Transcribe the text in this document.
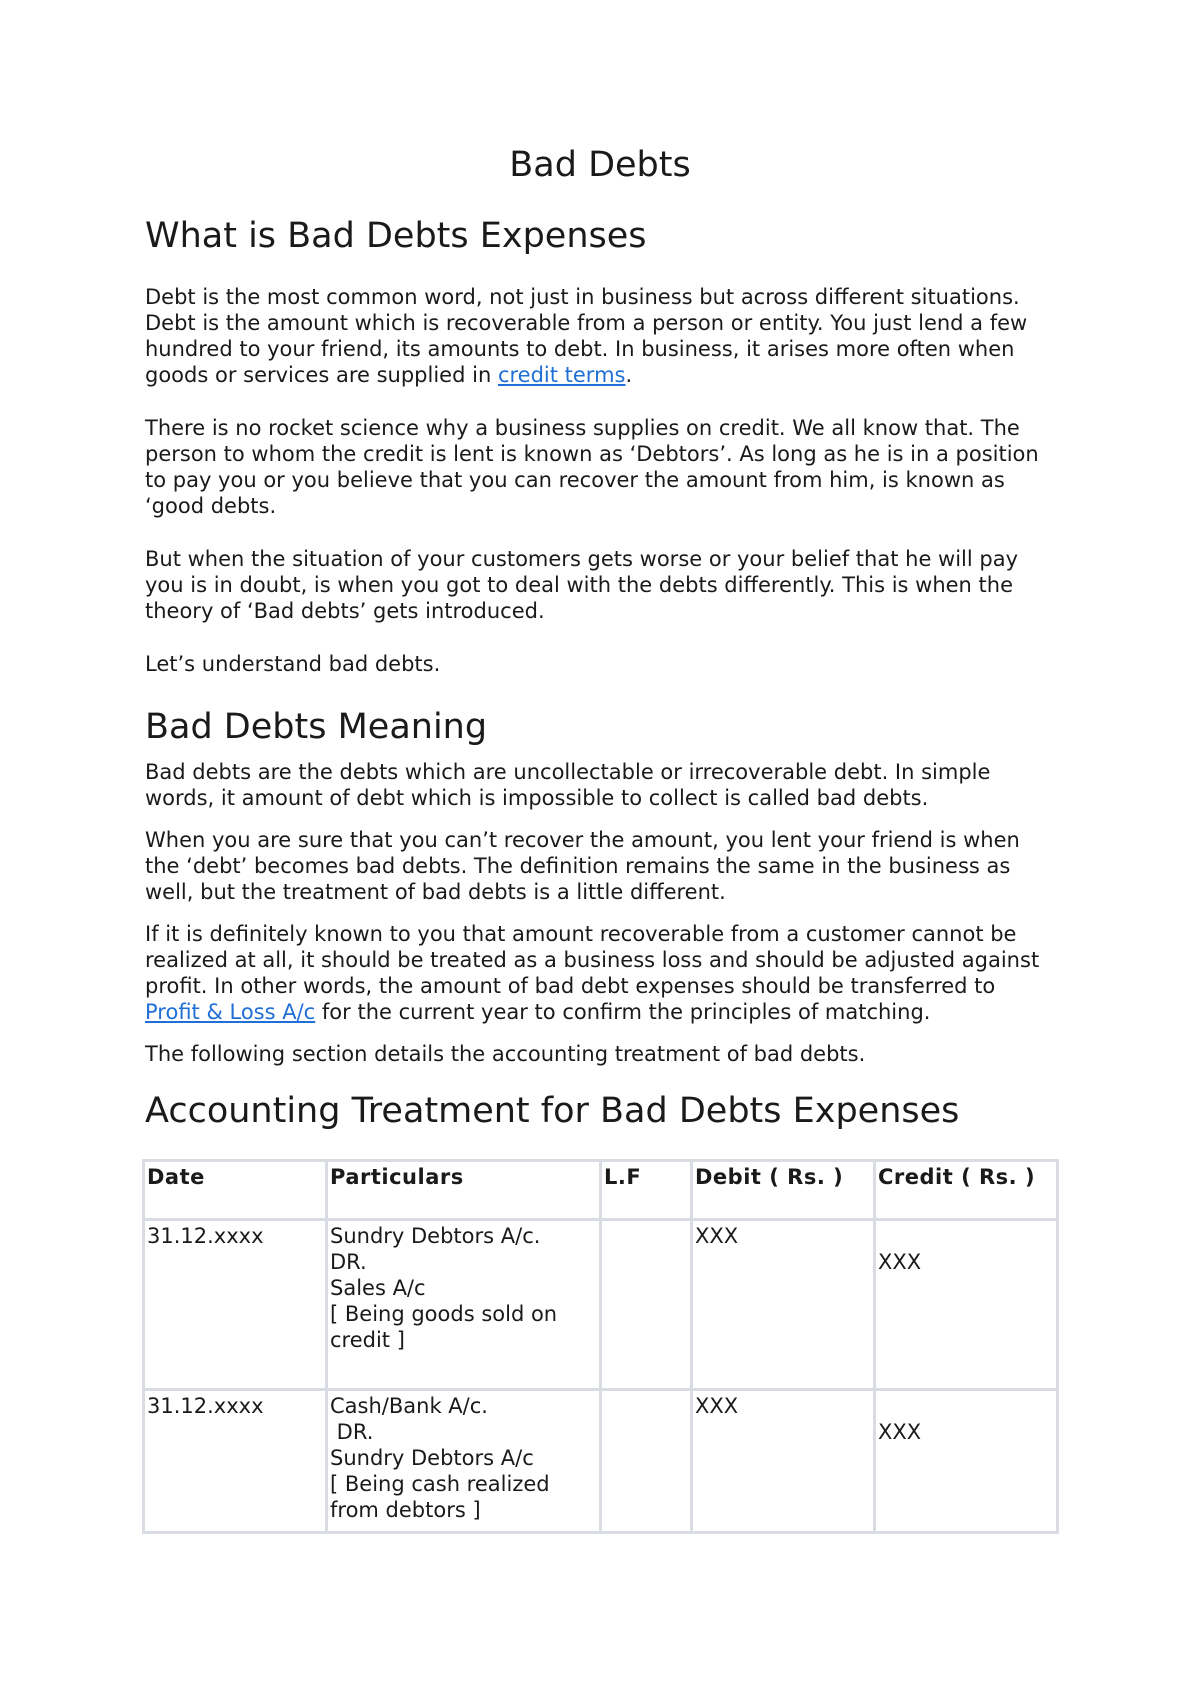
Bad Debts
What is Bad Debts Expenses

Debt is the most common word, not just in business but across different situations. Debt is the amount which is recoverable from a person or entity. You just lend a few hundred to your friend, its amounts to debt. In business, it arises more often when goods or services are supplied in credit terms.

There is no rocket science why a business supplies on credit. We all know that. The person to whom the credit is lent is known as ‘Debtors’. As long as he is in a position to pay you or you believe that you can recover the amount from him, is known as ‘good debts.

But when the situation of your customers gets worse or your belief that he will pay you is in doubt, is when you got to deal with the debts differently. This is when the theory of ‘Bad debts’ gets introduced.

Let’s understand bad debts.

Bad Debts Meaning

Bad debts are the debts which are uncollectable or irrecoverable debt. In simple words, it amount of debt which is impossible to collect is called bad debts.

When you are sure that you can’t recover the amount, you lent your friend is when the ‘debt’ becomes bad debts. The definition remains the same in the business as well, but the treatment of bad debts is a little different.

If it is definitely known to you that amount recoverable from a customer cannot be realized at all, it should be treated as a business loss and should be adjusted against profit. In other words, the amount of bad debt expenses should be transferred to Profit & Loss A/c for the current year to confirm the principles of matching.

The following section details the accounting treatment of bad debts.

Accounting Treatment for Bad Debts Expenses
Date	Particulars	L.F	Debit ( Rs. )	Credit ( Rs. )
31.12.xxxx	Sundry Debtors A/c.
DR.
Sales A/c
[ Being goods sold on credit ]		XXX	XXX

31.12.xxxx	Cash/Bank A/c.
DR.
Sundry Debtors A/c
[ Being cash realized from debtors ]		XXX	XXX
